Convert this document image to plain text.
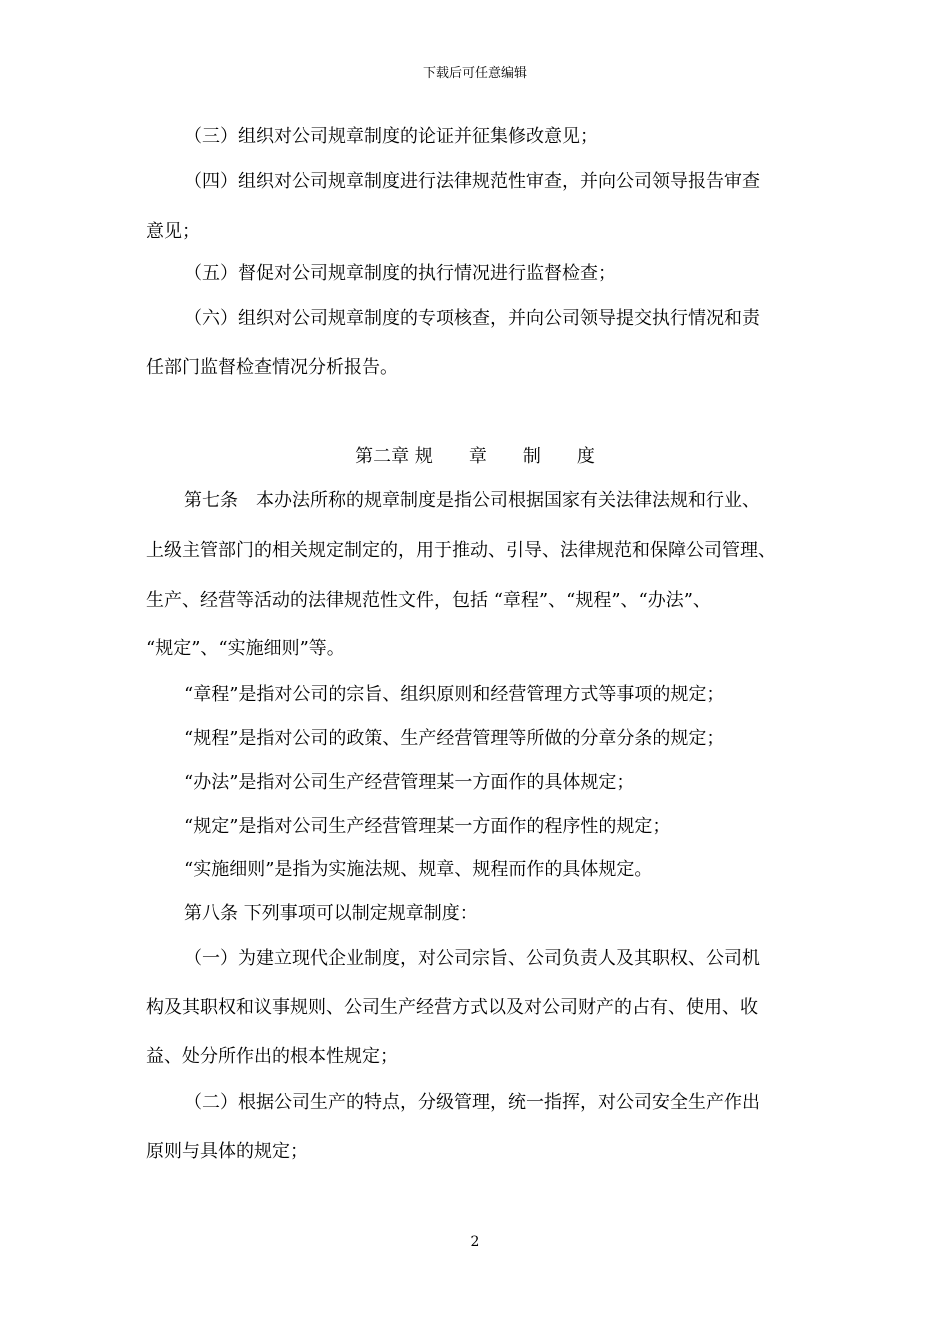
下载后可任意编辑
（三）组织对公司规章制度的论证并征集修改意见；
（四）组织对公司规章制度进行法律规范性审查，并向公司领导报告审查
意见；
（五）督促对公司规章制度的执行情况进行监督检查；
（六）组织对公司规章制度的专项核查，并向公司领导提交执行情况和责
任部门监督检查情况分析报告。
第二章 规　　章　　制　　度
第七条　本办法所称的规章制度是指公司根据国家有关法律法规和行业、
上级主管部门的相关规定制定的，用于推动、引导、法律规范和保障公司管理、
生产、经营等活动的法律规范性文件，包括 “章程”、“规程”、“办法”、
“规定”、“实施细则”等。
“章程”是指对公司的宗旨、组织原则和经营管理方式等事项的规定；
“规程”是指对公司的政策、生产经营管理等所做的分章分条的规定；
“办法”是指对公司生产经营管理某一方面作的具体规定；
“规定”是指对公司生产经营管理某一方面作的程序性的规定；
“实施细则”是指为实施法规、规章、规程而作的具体规定。
第八条 下列事项可以制定规章制度：
（一）为建立现代企业制度，对公司宗旨、公司负责人及其职权、公司机
构及其职权和议事规则、公司生产经营方式以及对公司财产的占有、使用、收
益、处分所作出的根本性规定；
（二）根据公司生产的特点，分级管理，统一指挥，对公司安全生产作出
原则与具体的规定；
2
